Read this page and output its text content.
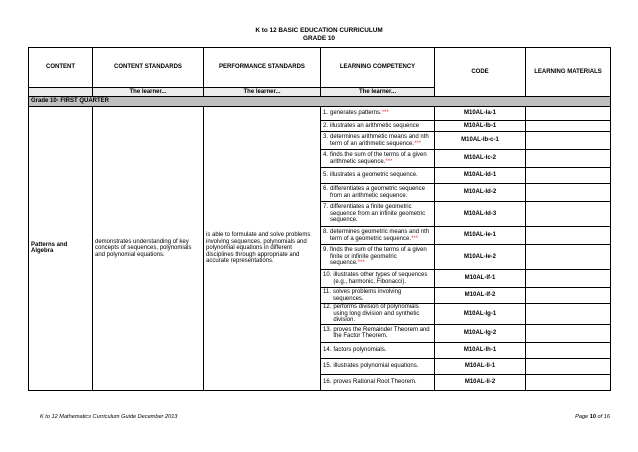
K to 12 BASIC EDUCATION CURRICULUM
GRADE 10
CONTENT	CONTENT STANDARDS	PERFORMANCE STANDARDS	LEARNING COMPETENCY	CODE	LEARNING MATERIALS
	The learner...	The learner...	The learner...		
Grade 10- FIRST QUARTER					
Patterns and Algebra	demonstrates understanding of key concepts of sequences, polynomials and polynomial equations.	is able to formulate and solve problems involving sequences, polynomials and polynomial equations in different disciplines through appropriate and accurate representations.	1. generates patterns.***	M10AL-Ia-1	

			2. illustrates an arithmetic sequence	M10AL-Ib-1	

			3. determines arithmetic means and nth term of an arithmetic sequence.***	M10AL-Ib-c-1	

			4. finds the sum of the terms of a given arithmetic sequence.***	M10AL-Ic-2	

			5. illustrates a geometric sequence.	M10AL-Id-1	

			6. differentiates a geometric sequence from an arithmetic sequence.	M10AL-Id-2	

			7. differentiates a finite geometric sequence from an infinite geometric sequence.	M10AL-Id-3	

			8. determines geometric means and nth term of a geometric sequence.***	M10AL-Ie-1	

			9. finds the sum of the terms of a given finite or infinite geometric sequence.***	M10AL-Ie-2	

			10. illustrates other types of sequences (e.g., harmonic, Fibonacci).	M10AL-If-1	

			11. solves problems involving sequences.	M10AL-If-2	

			12. performs division of polynomials using long division and synthetic division.	M10AL-Ig-1	

			13. proves the Remainder Theorem and the Factor Theorem.	M10AL-Ig-2	

			14. factors polynomials.	M10AL-Ih-1	

			15. illustrates polynomial equations.	M10AL-Ii-1	

			16. proves Rational Root Theorem.	M10AL-Ii-2	
K to 12 Mathematics Curriculum Guide December 2013	Page 10 of 16
